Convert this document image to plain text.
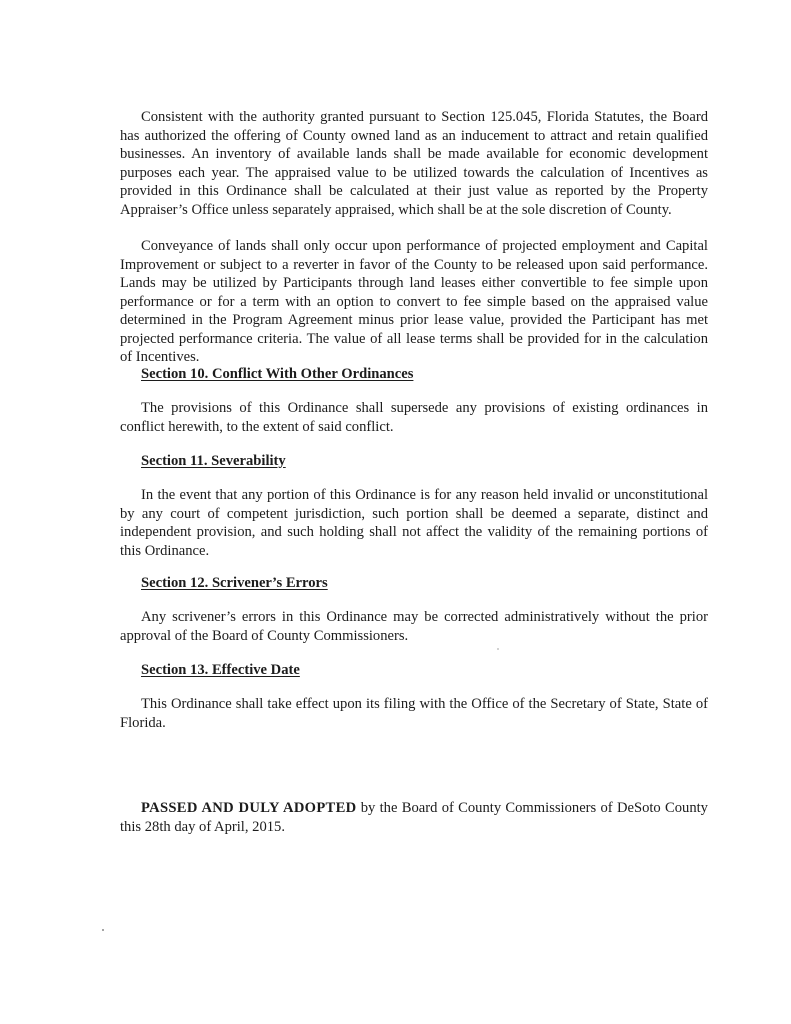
Consistent with the authority granted pursuant to Section 125.045, Florida Statutes, the Board has authorized the offering of County owned land as an inducement to attract and retain qualified businesses. An inventory of available lands shall be made available for economic development purposes each year. The appraised value to be utilized towards the calculation of Incentives as provided in this Ordinance shall be calculated at their just value as reported by the Property Appraiser’s Office unless separately appraised, which shall be at the sole discretion of County.

Conveyance of lands shall only occur upon performance of projected employment and Capital Improvement or subject to a reverter in favor of the County to be released upon said performance. Lands may be utilized by Participants through land leases either convertible to fee simple upon performance or for a term with an option to convert to fee simple based on the appraised value determined in the Program Agreement minus prior lease value, provided the Participant has met projected performance criteria. The value of all lease terms shall be provided for in the calculation of Incentives.

Section 10. Conflict With Other Ordinances

The provisions of this Ordinance shall supersede any provisions of existing ordinances in conflict herewith, to the extent of said conflict.

Section 11. Severability

In the event that any portion of this Ordinance is for any reason held invalid or unconstitutional by any court of competent jurisdiction, such portion shall be deemed a separate, distinct and independent provision, and such holding shall not affect the validity of the remaining portions of this Ordinance.

Section 12. Scrivener’s Errors

Any scrivener’s errors in this Ordinance may be corrected administratively without the prior approval of the Board of County Commissioners.

Section 13. Effective Date

This Ordinance shall take effect upon its filing with the Office of the Secretary of State, State of Florida.

PASSED AND DULY ADOPTED by the Board of County Commissioners of DeSoto County this 28th day of April, 2015.
